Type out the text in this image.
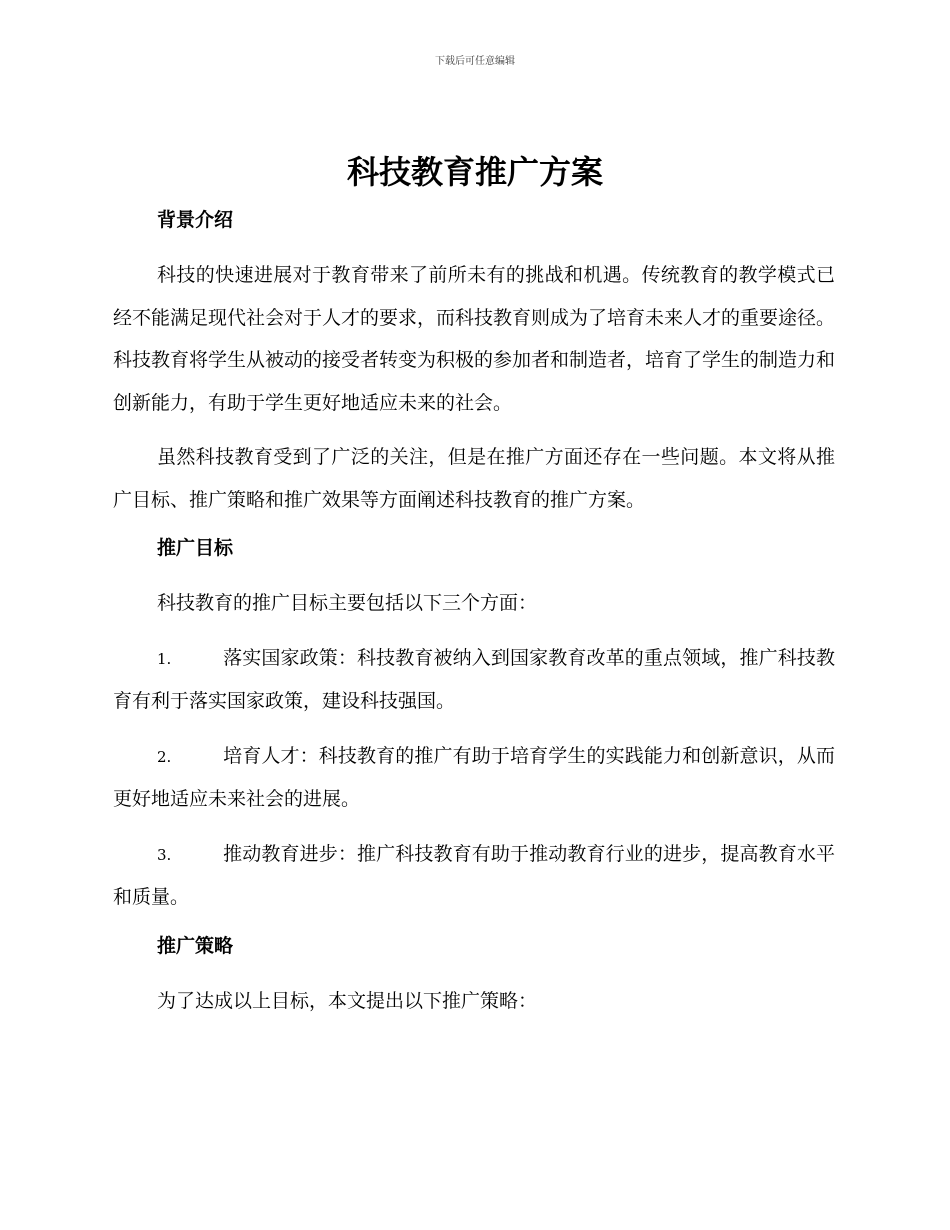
下载后可任意编辑
科技教育推广方案
背景介绍

科技的快速进展对于教育带来了前所未有的挑战和机遇。传统教育的教学模式已经不能满足现代社会对于人才的要求，而科技教育则成为了培育未来人才的重要途径。科技教育将学生从被动的接受者转变为积极的参加者和制造者，培育了学生的制造力和创新能力，有助于学生更好地适应未来的社会。

虽然科技教育受到了广泛的关注，但是在推广方面还存在一些问题。本文将从推广目标、推广策略和推广效果等方面阐述科技教育的推广方案。

推广目标

科技教育的推广目标主要包括以下三个方面：

1.	落实国家政策：科技教育被纳入到国家教育改革的重点领域，推广科技教育有利于落实国家政策，建设科技强国。

2.	培育人才：科技教育的推广有助于培育学生的实践能力和创新意识，从而更好地适应未来社会的进展。

3.	推动教育进步：推广科技教育有助于推动教育行业的进步，提高教育水平和质量。

推广策略

为了达成以上目标，本文提出以下推广策略：
